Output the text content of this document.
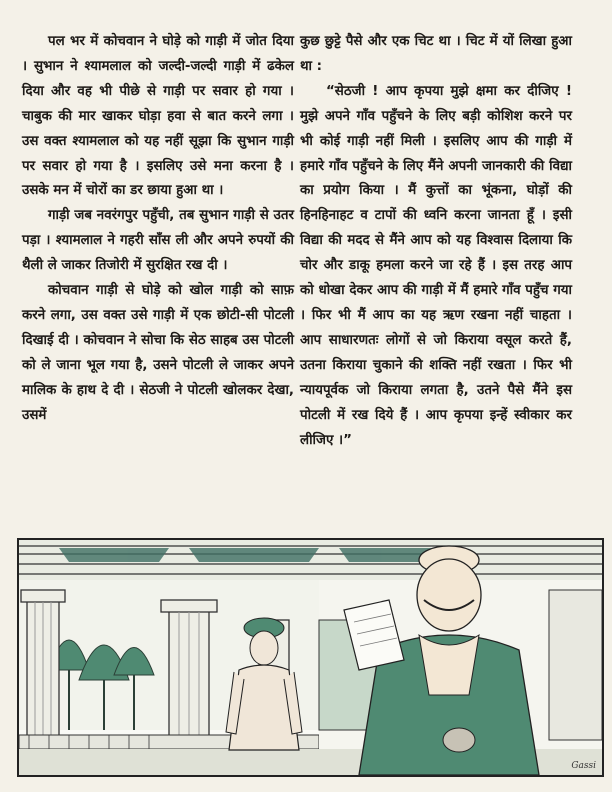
पल भर में कोचवान ने घोड़े को गाड़ी में जोत दिया । सुभान ने श्यामलाल को जल्दी-जल्दी गाड़ी में ढकेल दिया और वह भी पीछे से गाड़ी पर सवार हो गया । चाबुक की मार खाकर घोड़ा हवा से बात करने लगा । उस वक्त श्यामलाल को यह नहीं सूझा कि सुभान गाड़ी पर सवार हो गया है । इसलिए उसे मना करना है । उसके मन में चोरों का डर छाया हुआ था ।

गाड़ी जब नवरंगपुर पहुँची, तब सुभान गाड़ी से उतर पड़ा । श्यामलाल ने गहरी साँस ली और अपने रुपयों की थैली ले जाकर तिजोरी में सुरक्षित रख दी ।

कोचवान गाड़ी से घोड़े को खोल गाड़ी को साफ़ करने लगा, उस वक्त उसे गाड़ी में एक छोटी-सी पोटली दिखाई दी । कोचवान ने सोचा कि सेठ साहब उस पोटली को ले जाना भूल गया है, उसने पोटली ले जाकर अपने मालिक के हाथ दे दी । सेठजी ने पोटली खोलकर देखा, उसमें

कुछ छुट्टे पैसे और एक चिट था । चिट में यों लिखा हुआ था :

“सेठजी ! आप कृपया मुझे क्षमा कर दीजिए ! मुझे अपने गाँव पहुँचने के लिए बड़ी कोशिश करने पर भी कोई गाड़ी नहीं मिली । इसलिए आप की गाड़ी में हमारे गाँव पहुँचने के लिए मैंने अपनी जानकारी की विद्या का प्रयोग किया । मैं कुत्तों का भूंकना, घोड़ों की हिनहिनाहट व टापों की ध्वनि करना जानता हूँ । इसी विद्या की मदद से मैंने आप को यह विश्वास दिलाया कि चोर और डाकू हमला करने जा रहे हैं । इस तरह आप को धोखा देकर आप की गाड़ी में मैं हमारे गाँव पहुँच गया । फिर भी मैं आप का यह ऋण रखना नहीं चाहता । आप साधारणतः लोगों से जो किराया वसूल करते हैं, उतना किराया चुकाने की शक्ति नहीं रखता । फिर भी न्यायपूर्वक जो किराया लगता है, उतने पैसे मैंने इस पोटली में रख दिये हैं । आप कृपया इन्हें स्वीकार कर लीजिए ।”

Gassi
